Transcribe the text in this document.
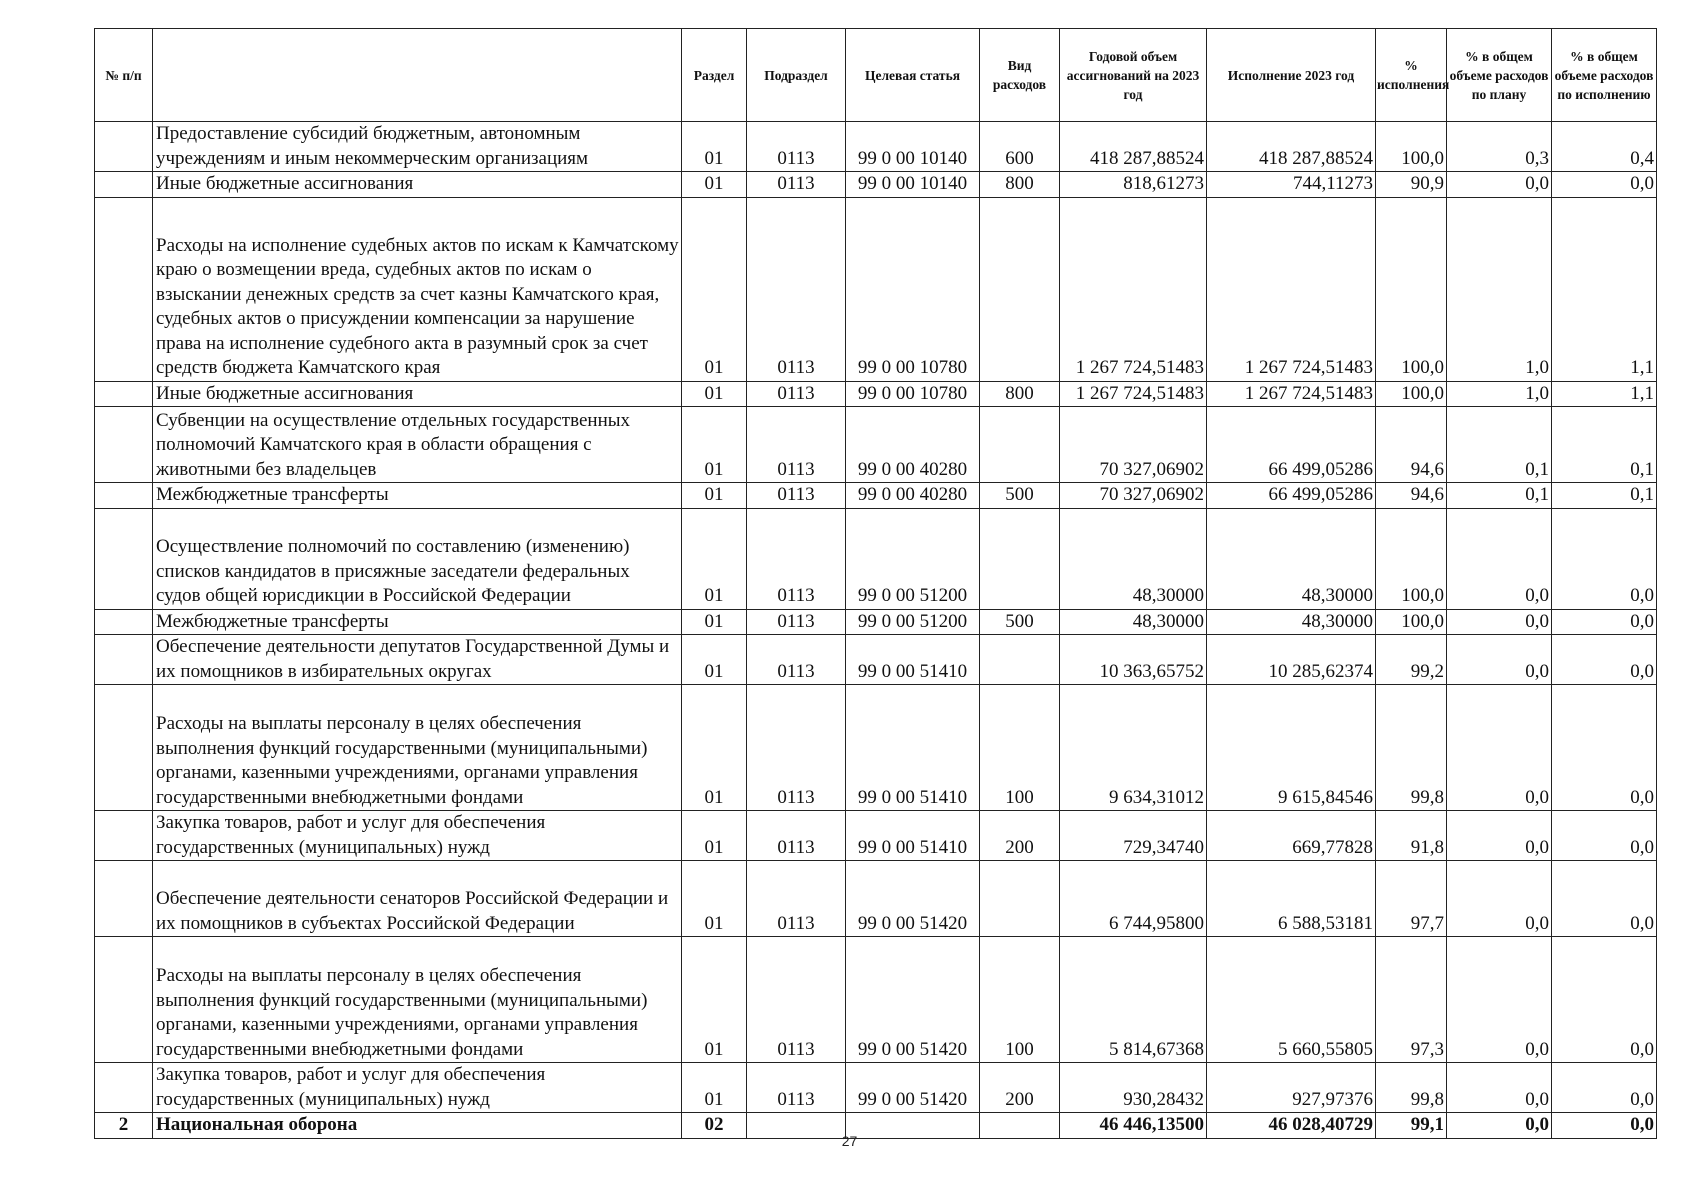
№ п/п		Раздел	Подраздел	Целевая статья	Вид расходов	Годовой объем ассигнований на 2023 год	Исполнение 2023 год	% исполнения	% в общем объеме расходов по плану	% в общем объеме расходов по исполнению
	Предоставление субсидий бюджетным, автономным учреждениям и иным некоммерческим организациям	01	0113	99 0 00 10140	600	418 287,88524	418 287,88524	100,0	0,3	0,4
	Иные бюджетные ассигнования	01	0113	99 0 00 10140	800	818,61273	744,11273	90,9	0,0	0,0
	Расходы на исполнение судебных актов по искам к Камчатскому краю о возмещении вреда, судебных актов по искам о взыскании денежных средств за счет казны Камчатского края, судебных актов о присуждении компенсации за нарушение права на исполнение судебного акта в разумный срок за счет средств бюджета Камчатского края	01	0113	99 0 00 10780		1 267 724,51483	1 267 724,51483	100,0	1,0	1,1
	Иные бюджетные ассигнования	01	0113	99 0 00 10780	800	1 267 724,51483	1 267 724,51483	100,0	1,0	1,1
	Субвенции на осуществление отдельных государственных полномочий Камчатского края в области обращения с животными без владельцев	01	0113	99 0 00 40280		70 327,06902	66 499,05286	94,6	0,1	0,1
	Межбюджетные трансферты	01	0113	99 0 00 40280	500	70 327,06902	66 499,05286	94,6	0,1	0,1
	Осуществление полномочий по составлению (изменению) списков кандидатов в присяжные заседатели федеральных судов общей юрисдикции в Российской Федерации	01	0113	99 0 00 51200		48,30000	48,30000	100,0	0,0	0,0
	Межбюджетные трансферты	01	0113	99 0 00 51200	500	48,30000	48,30000	100,0	0,0	0,0
	Обеспечение деятельности депутатов Государственной Думы и их помощников в избирательных округах	01	0113	99 0 00 51410		10 363,65752	10 285,62374	99,2	0,0	0,0
	Расходы на выплаты персоналу в целях обеспечения выполнения функций государственными (муниципальными) органами, казенными учреждениями, органами управления государственными внебюджетными фондами	01	0113	99 0 00 51410	100	9 634,31012	9 615,84546	99,8	0,0	0,0
	Закупка товаров, работ и услуг для обеспечения государственных (муниципальных) нужд	01	0113	99 0 00 51410	200	729,34740	669,77828	91,8	0,0	0,0
	Обеспечение деятельности сенаторов Российской Федерации и их помощников в субъектах Российской Федерации	01	0113	99 0 00 51420		6 744,95800	6 588,53181	97,7	0,0	0,0
	Расходы на выплаты персоналу в целях обеспечения выполнения функций государственными (муниципальными) органами, казенными учреждениями, органами управления государственными внебюджетными фондами	01	0113	99 0 00 51420	100	5 814,67368	5 660,55805	97,3	0,0	0,0
	Закупка товаров, работ и услуг для обеспечения государственных (муниципальных) нужд	01	0113	99 0 00 51420	200	930,28432	927,97376	99,8	0,0	0,0
2	Национальная оборона	02				46 446,13500	46 028,40729	99,1	0,0	0,0
27
